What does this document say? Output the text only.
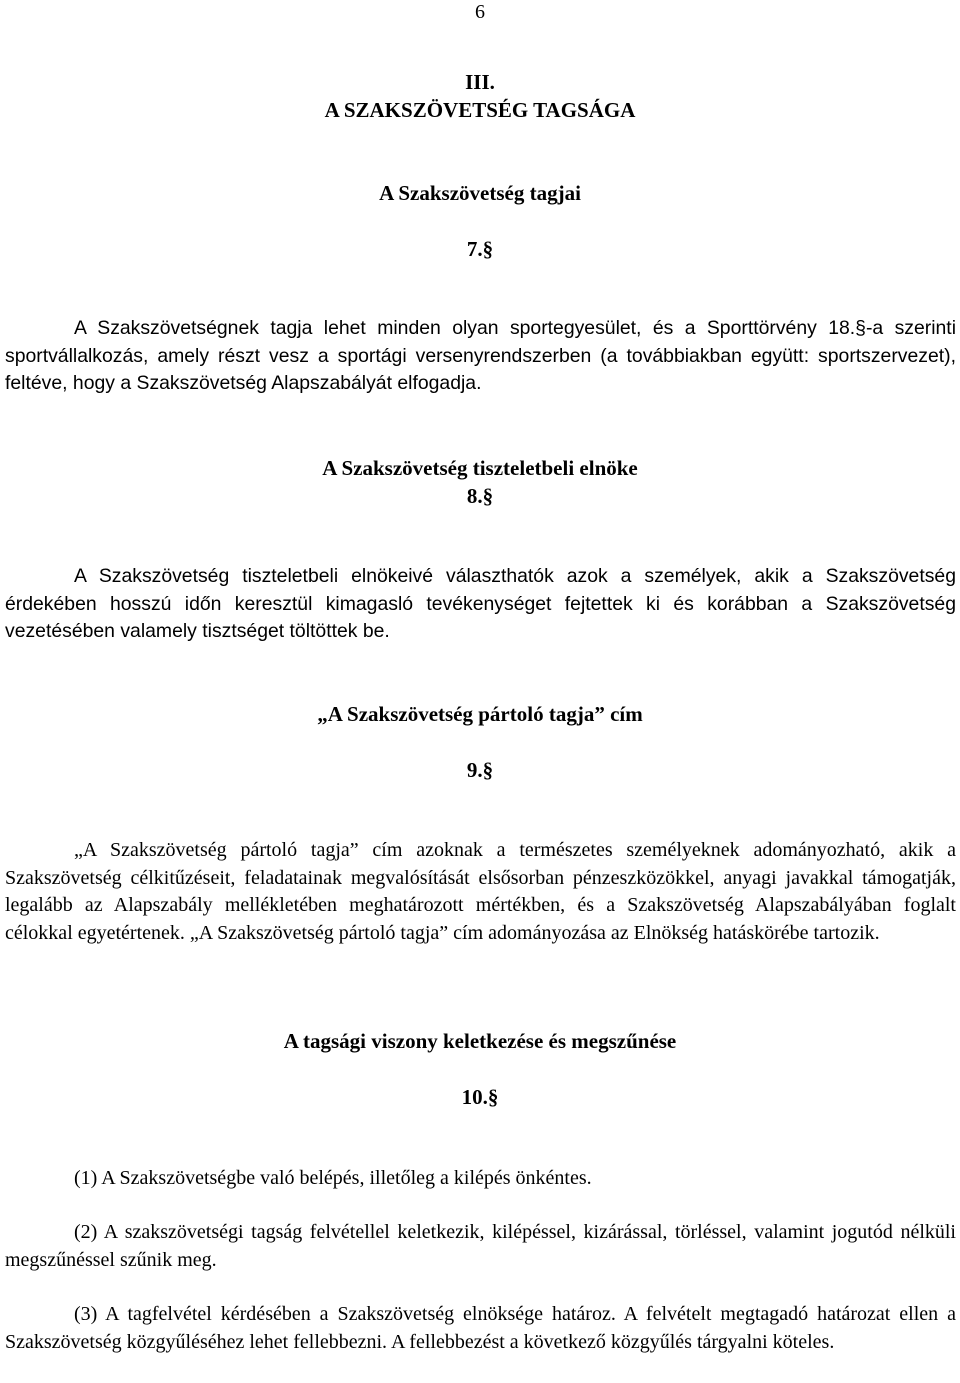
6

III.

A SZAKSZÖVETSÉG TAGSÁGA

A Szakszövetség tagjai

7.§

A Szakszövetségnek tagja lehet minden olyan sportegyesület, és a Sporttörvény 18.§-a szerinti sportvállalkozás, amely részt vesz a sportági versenyrendszerben (a továbbiakban együtt: sportszervezet), feltéve, hogy a Szakszövetség Alapszabályát elfogadja.

A Szakszövetség tiszteletbeli elnöke

8.§

A Szakszövetség tiszteletbeli elnökeivé választhatók azok a személyek, akik a Szakszövetség érdekében hosszú időn keresztül kimagasló tevékenységet fejtettek ki és korábban a Szakszövetség vezetésében valamely tisztséget töltöttek be.

„A Szakszövetség pártoló tagja” cím

9.§

„A Szakszövetség pártoló tagja” cím azoknak a természetes személyeknek adományozható, akik a Szakszövetség célkitűzéseit, feladatainak megvalósítását elsősorban pénzeszközökkel, anyagi javakkal támogatják, legalább az Alapszabály mellékletében meghatározott mértékben, és a Szakszövetség Alapszabályában foglalt célokkal egyetértenek. „A Szakszövetség pártoló tagja” cím adományozása az Elnökség hatáskörébe tartozik.

A tagsági viszony keletkezése és megszűnése

10.§

(1) A Szakszövetségbe való belépés, illetőleg a kilépés önkéntes.

(2) A szakszövetségi tagság felvétellel keletkezik, kilépéssel, kizárással, törléssel, valamint jogutód nélküli megszűnéssel szűnik meg.

(3) A tagfelvétel kérdésében a Szakszövetség elnöksége határoz. A felvételt megtagadó határozat ellen a Szakszövetség közgyűléséhez lehet fellebbezni. A fellebbezést a következő közgyűlés tárgyalni köteles.
